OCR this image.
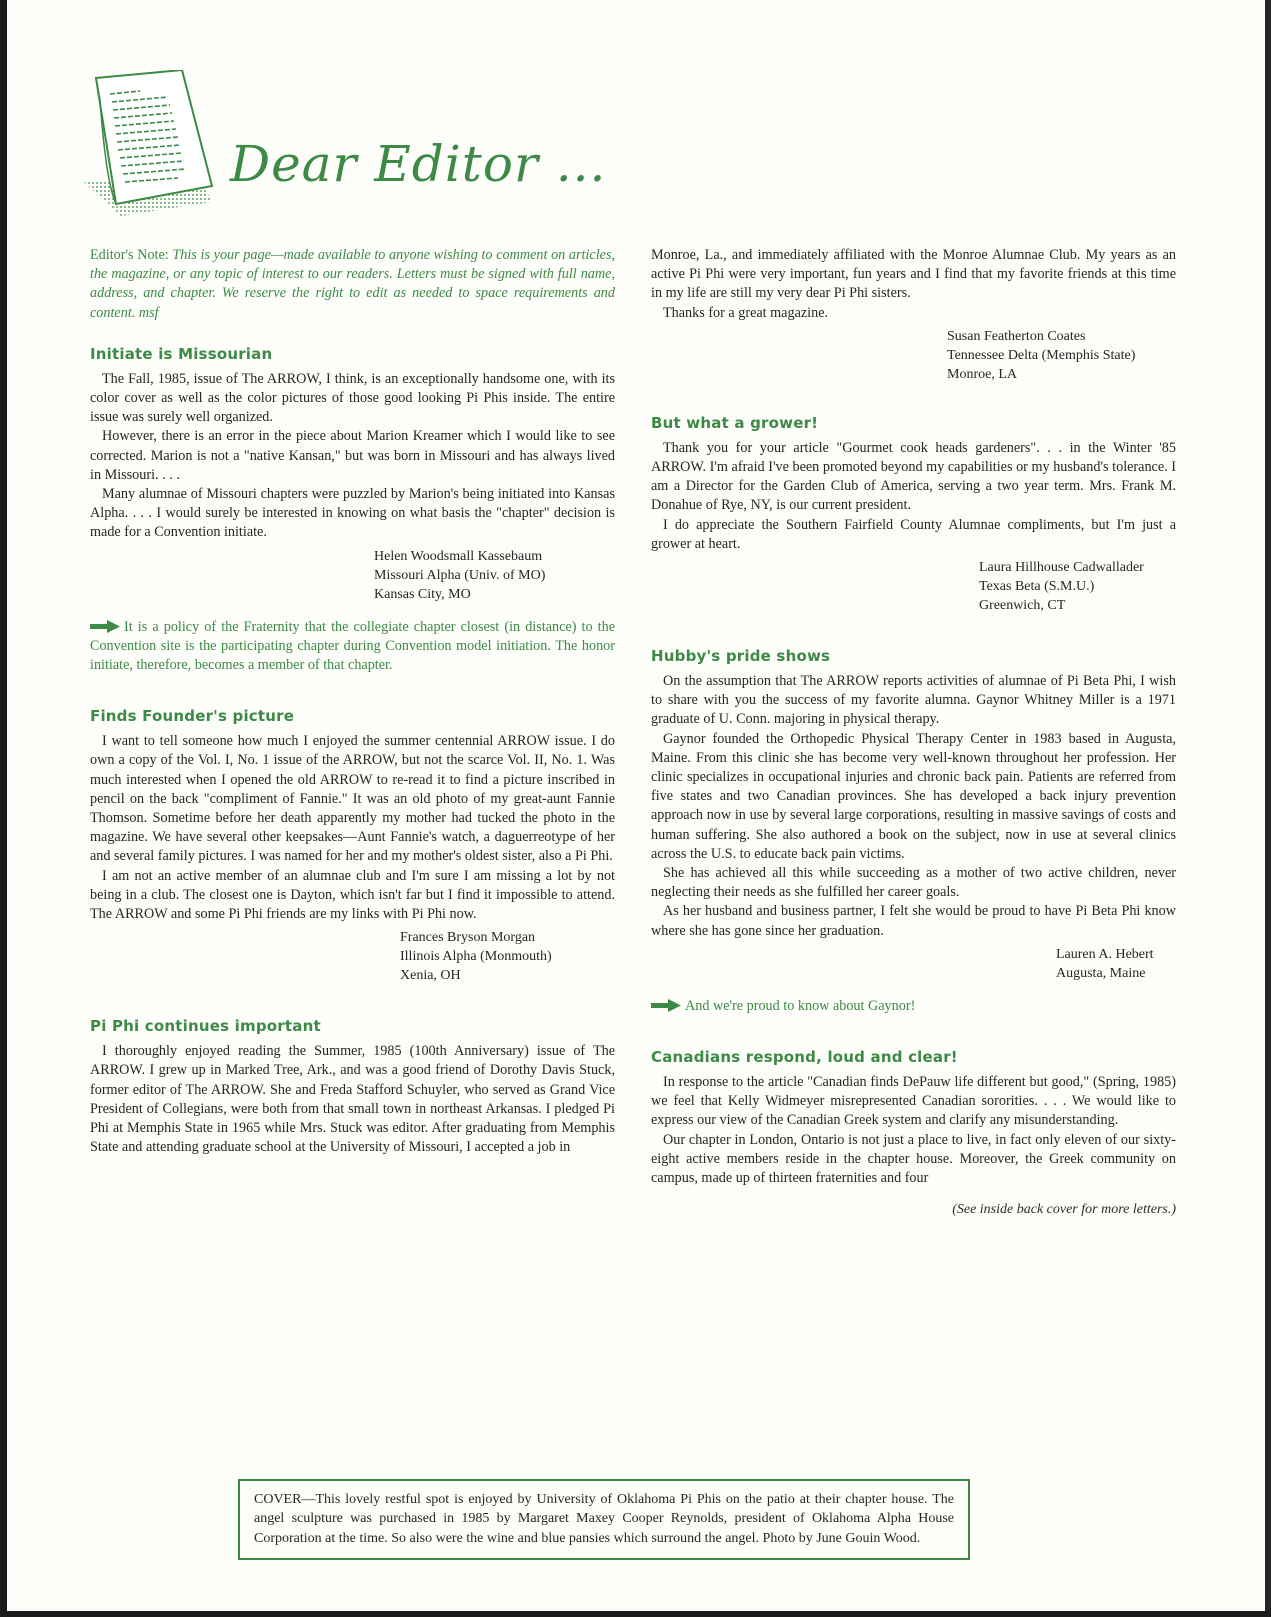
Dear Editor ...

Editor's Note: This is your page—made available to anyone wishing to comment on articles, the magazine, or any topic of interest to our readers. Letters must be signed with full name, address, and chapter. We reserve the right to edit as needed to space requirements and content. msf

Initiate is Missourian

The Fall, 1985, issue of The ARROW, I think, is an exceptionally handsome one, with its color cover as well as the color pictures of those good looking Pi Phis inside. The entire issue was surely well organized.

However, there is an error in the piece about Marion Kreamer which I would like to see corrected. Marion is not a "native Kansan," but was born in Missouri and has always lived in Missouri. . . .

Many alumnae of Missouri chapters were puzzled by Marion's being initiated into Kansas Alpha. . . . I would surely be interested in knowing on what basis the "chapter" decision is made for a Convention initiate.

Helen Woodsmall Kassebaum
Missouri Alpha (Univ. of MO)
Kansas City, MO

It is a policy of the Fraternity that the collegiate chapter closest (in distance) to the Convention site is the participating chapter during Convention model initiation. The honor initiate, therefore, becomes a member of that chapter.

Finds Founder's picture

I want to tell someone how much I enjoyed the summer centennial ARROW issue. I do own a copy of the Vol. I, No. 1 issue of the ARROW, but not the scarce Vol. II, No. 1. Was much interested when I opened the old ARROW to re-read it to find a picture inscribed in pencil on the back "compliment of Fannie." It was an old photo of my great-aunt Fannie Thomson. Sometime before her death apparently my mother had tucked the photo in the magazine. We have several other keepsakes—Aunt Fannie's watch, a daguerreotype of her and several family pictures. I was named for her and my mother's oldest sister, also a Pi Phi.

I am not an active member of an alumnae club and I'm sure I am missing a lot by not being in a club. The closest one is Dayton, which isn't far but I find it impossible to attend. The ARROW and some Pi Phi friends are my links with Pi Phi now.

Frances Bryson Morgan
Illinois Alpha (Monmouth)
Xenia, OH
Pi Phi continues important

I thoroughly enjoyed reading the Summer, 1985 (100th Anniversary) issue of The ARROW. I grew up in Marked Tree, Ark., and was a good friend of Dorothy Davis Stuck, former editor of The ARROW. She and Freda Stafford Schuyler, who served as Grand Vice President of Collegians, were both from that small town in northeast Arkansas. I pledged Pi Phi at Memphis State in 1965 while Mrs. Stuck was editor. After graduating from Memphis State and attending graduate school at the University of Missouri, I accepted a job in

Monroe, La., and immediately affiliated with the Monroe Alumnae Club. My years as an active Pi Phi were very important, fun years and I find that my favorite friends at this time in my life are still my very dear Pi Phi sisters.

Thanks for a great magazine.

Susan Featherton Coates
Tennessee Delta (Memphis State)
Monroe, LA
But what a grower!

Thank you for your article "Gourmet cook heads gardeners". . . in the Winter '85 ARROW. I'm afraid I've been promoted beyond my capabilities or my husband's tolerance. I am a Director for the Garden Club of America, serving a two year term. Mrs. Frank M. Donahue of Rye, NY, is our current president.

I do appreciate the Southern Fairfield County Alumnae compliments, but I'm just a grower at heart.

Laura Hillhouse Cadwallader
Texas Beta (S.M.U.)
Greenwich, CT
Hubby's pride shows

On the assumption that The ARROW reports activities of alumnae of Pi Beta Phi, I wish to share with you the success of my favorite alumna. Gaynor Whitney Miller is a 1971 graduate of U. Conn. majoring in physical therapy.

Gaynor founded the Orthopedic Physical Therapy Center in 1983 based in Augusta, Maine. From this clinic she has become very well-known throughout her profession. Her clinic specializes in occupational injuries and chronic back pain. Patients are referred from five states and two Canadian provinces. She has developed a back injury prevention approach now in use by several large corporations, resulting in massive savings of costs and human suffering. She also authored a book on the subject, now in use at several clinics across the U.S. to educate back pain victims.

She has achieved all this while succeeding as a mother of two active children, never neglecting their needs as she fulfilled her career goals.

As her husband and business partner, I felt she would be proud to have Pi Beta Phi know where she has gone since her graduation.

Lauren A. Hebert
Augusta, Maine

And we're proud to know about Gaynor!

Canadians respond, loud and clear!

In response to the article "Canadian finds DePauw life different but good," (Spring, 1985) we feel that Kelly Widmeyer misrepresented Canadian sororities. . . . We would like to express our view of the Canadian Greek system and clarify any misunderstanding.

Our chapter in London, Ontario is not just a place to live, in fact only eleven of our sixty-eight active members reside in the chapter house. Moreover, the Greek community on campus, made up of thirteen fraternities and four

(See inside back cover for more letters.)
COVER—This lovely restful spot is enjoyed by University of Oklahoma Pi Phis on the patio at their chapter house. The angel sculpture was purchased in 1985 by Margaret Maxey Cooper Reynolds, president of Oklahoma Alpha House Corporation at the time. So also were the wine and blue pansies which surround the angel. Photo by June Gouin Wood.
